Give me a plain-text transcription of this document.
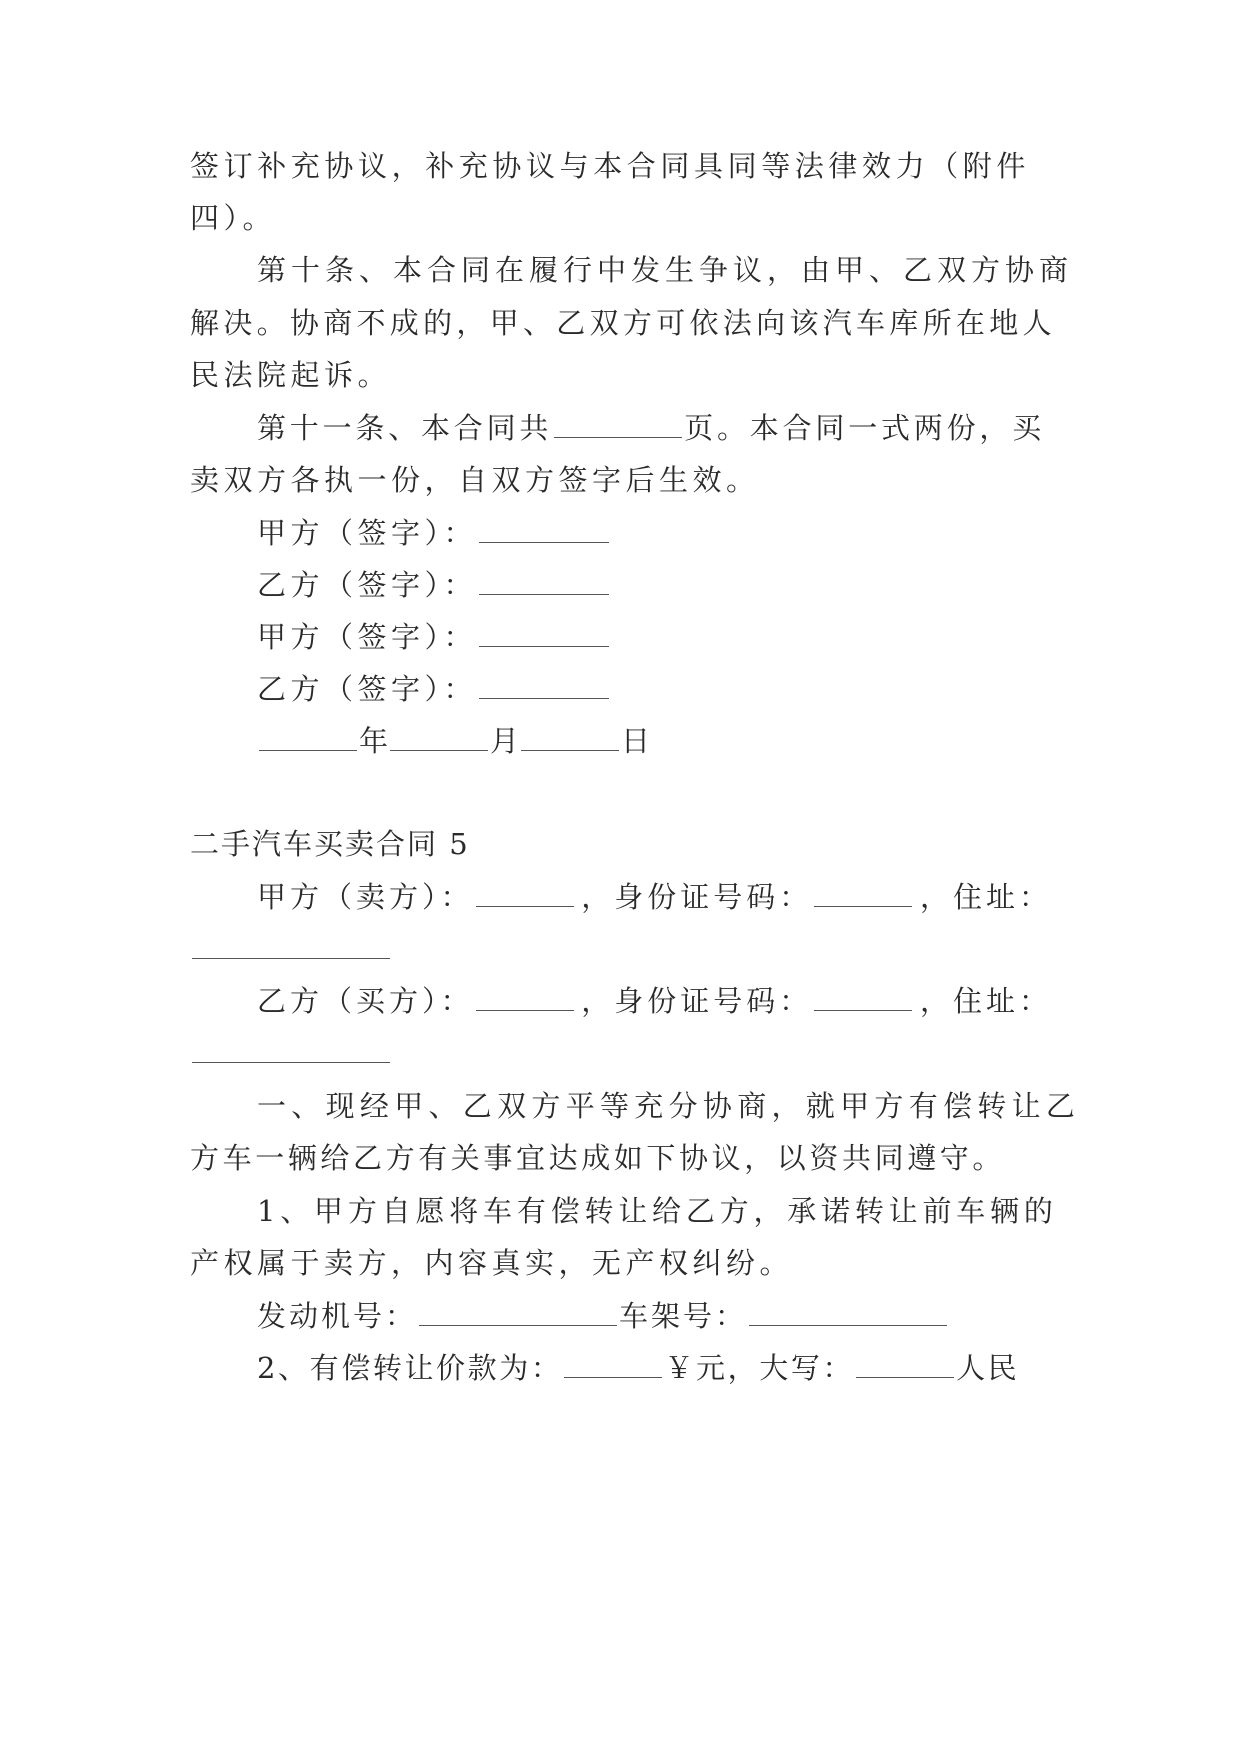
签订补充协议，补充协议与本合同具同等法律效力（附件
四）。
第十条、本合同在履行中发生争议，由甲、乙双方协商
解决。协商不成的，甲、乙双方可依法向该汽车库所在地人
民法院起诉。
第十一条、本合同共	页。本合同一式两份，买
卖双方各执一份，自双方签字后生效。
甲方（签字）：
乙方（签字）：
甲方（签字）：
乙方（签字）：
年	月	日
二手汽车买卖合同 5
甲方（卖方）：	，身份证号码：	，住址：
乙方（买方）：	，身份证号码：	，住址：
一、现经甲、乙双方平等充分协商，就甲方有偿转让乙
方车一辆给乙方有关事宜达成如下协议，以资共同遵守。
1、甲方自愿将车有偿转让给乙方，承诺转让前车辆的
产权属于卖方，内容真实，无产权纠纷。
发动机号：	车架号：
2、有偿转让价款为：	￥元，大写：	人民
